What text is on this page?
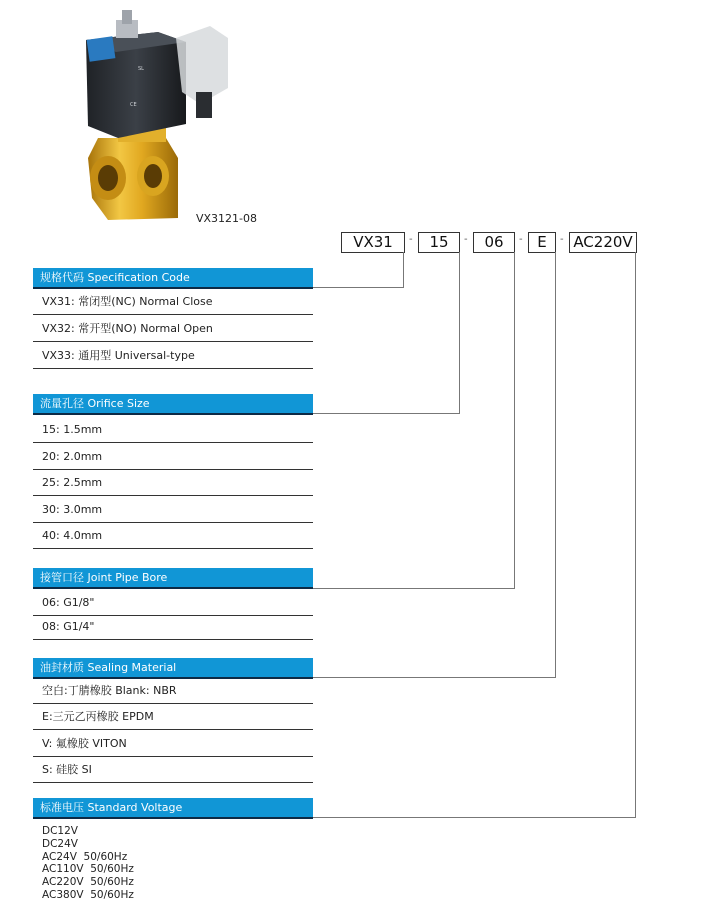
SL
CE
VX3121-08
VX31	-	15	-	06	- E	- AC220V
规格代码 Specification Code
VX31: 常闭型(NC) Normal Close
VX32: 常开型(NO) Normal Open
VX33: 通用型 Universal-type
流量孔径 Orifice Size
15: 1.5mm
20: 2.0mm
25: 2.5mm
30: 3.0mm
40: 4.0mm
接管口径 Joint Pipe Bore
06: G1/8"
08: G1/4"
油封材质 Sealing Material
空白:丁腈橡胶 Blank: NBR
E:三元乙丙橡胶 EPDM
V: 氟橡胶 VITON
S: 硅胶 SI
标准电压 Standard Voltage
DC12V
DC24V
AC24V  50/60Hz
AC110V  50/60Hz
AC220V  50/60Hz
AC380V  50/60Hz
